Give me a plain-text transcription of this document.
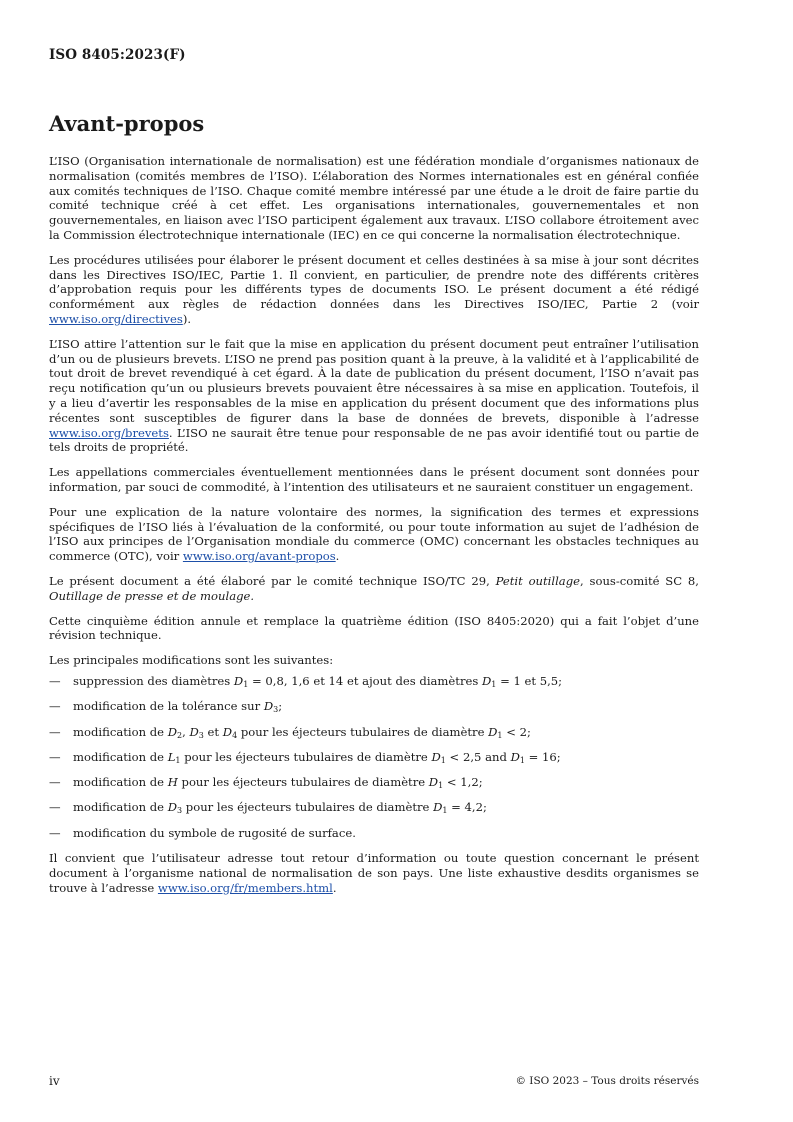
ISO 8405:2023(F)
Avant-propos

L’ISO (Organisation internationale de normalisation) est une fédération mondiale d’organismes nationaux de normalisation (comités membres de l’ISO). L’élaboration des Normes internationales est en général confiée aux comités techniques de l’ISO. Chaque comité membre intéressé par une étude a le droit de faire partie du comité technique créé à cet effet. Les organisations internationales, gouvernementales et non gouvernementales, en liaison avec l’ISO participent également aux travaux. L’ISO collabore étroitement avec la Commission électrotechnique internationale (IEC) en ce qui concerne la normalisation électrotechnique.

Les procédures utilisées pour élaborer le présent document et celles destinées à sa mise à jour sont décrites dans les Directives ISO/IEC, Partie 1. Il convient, en particulier, de prendre note des différents critères d’approbation requis pour les différents types de documents ISO. Le présent document a été rédigé conformément aux règles de rédaction données dans les Directives ISO/IEC, Partie 2 (voir www.iso.org/directives).

L’ISO attire l’attention sur le fait que la mise en application du présent document peut entraîner l’utilisation d’un ou de plusieurs brevets. L’ISO ne prend pas position quant à la preuve, à la validité et à l’applicabilité de tout droit de brevet revendiqué à cet égard. À la date de publication du présent document, l’ISO n’avait pas reçu notification qu’un ou plusieurs brevets pouvaient être nécessaires à sa mise en application. Toutefois, il y a lieu d’avertir les responsables de la mise en application du présent document que des informations plus récentes sont susceptibles de figurer dans la base de données de brevets, disponible à l’adresse www.iso.org/brevets. L’ISO ne saurait être tenue pour responsable de ne pas avoir identifié tout ou partie de tels droits de propriété.

Les appellations commerciales éventuellement mentionnées dans le présent document sont données pour information, par souci de commodité, à l’intention des utilisateurs et ne sauraient constituer un engagement.

Pour une explication de la nature volontaire des normes, la signification des termes et expressions spécifiques de l’ISO liés à l’évaluation de la conformité, ou pour toute information au sujet de l’adhésion de l’ISO aux principes de l’Organisation mondiale du commerce (OMC) concernant les obstacles techniques au commerce (OTC), voir www.iso.org/avant-propos.

Le présent document a été élaboré par le comité technique ISO/TC 29, Petit outillage, sous-comité SC 8, Outillage de presse et de moulage.

Cette cinquième édition annule et remplace la quatrième édition (ISO 8405:2020) qui a fait l’objet d’une révision technique.

Les principales modifications sont les suivantes:

— suppression des diamètres $D_1 = 0,8$, 1,6 et 14 et ajout des diamètres $D_1 = 1$ et 5,5;
— modification de la tolérance sur $D_3$;
— modification de $D_2$, $D_3$ et $D_4$ pour les éjecteurs tubulaires de diamètre $D_1 < 2$;
— modification de $L_1$ pour les éjecteurs tubulaires de diamètre $D_1 < 2,5$ and $D_1 = 16$;
— modification de H pour les éjecteurs tubulaires de diamètre $D_1 < 1,2$;
— modification de $D_3$ pour les éjecteurs tubulaires de diamètre $D_1 = 4,2$;
— modification du symbole de rugosité de surface.

Il convient que l’utilisateur adresse tout retour d’information ou toute question concernant le présent document à l’organisme national de normalisation de son pays. Une liste exhaustive desdits organismes se trouve à l’adresse www.iso.org/fr/members.html.

iv	© ISO 2023 – Tous droits réservés
